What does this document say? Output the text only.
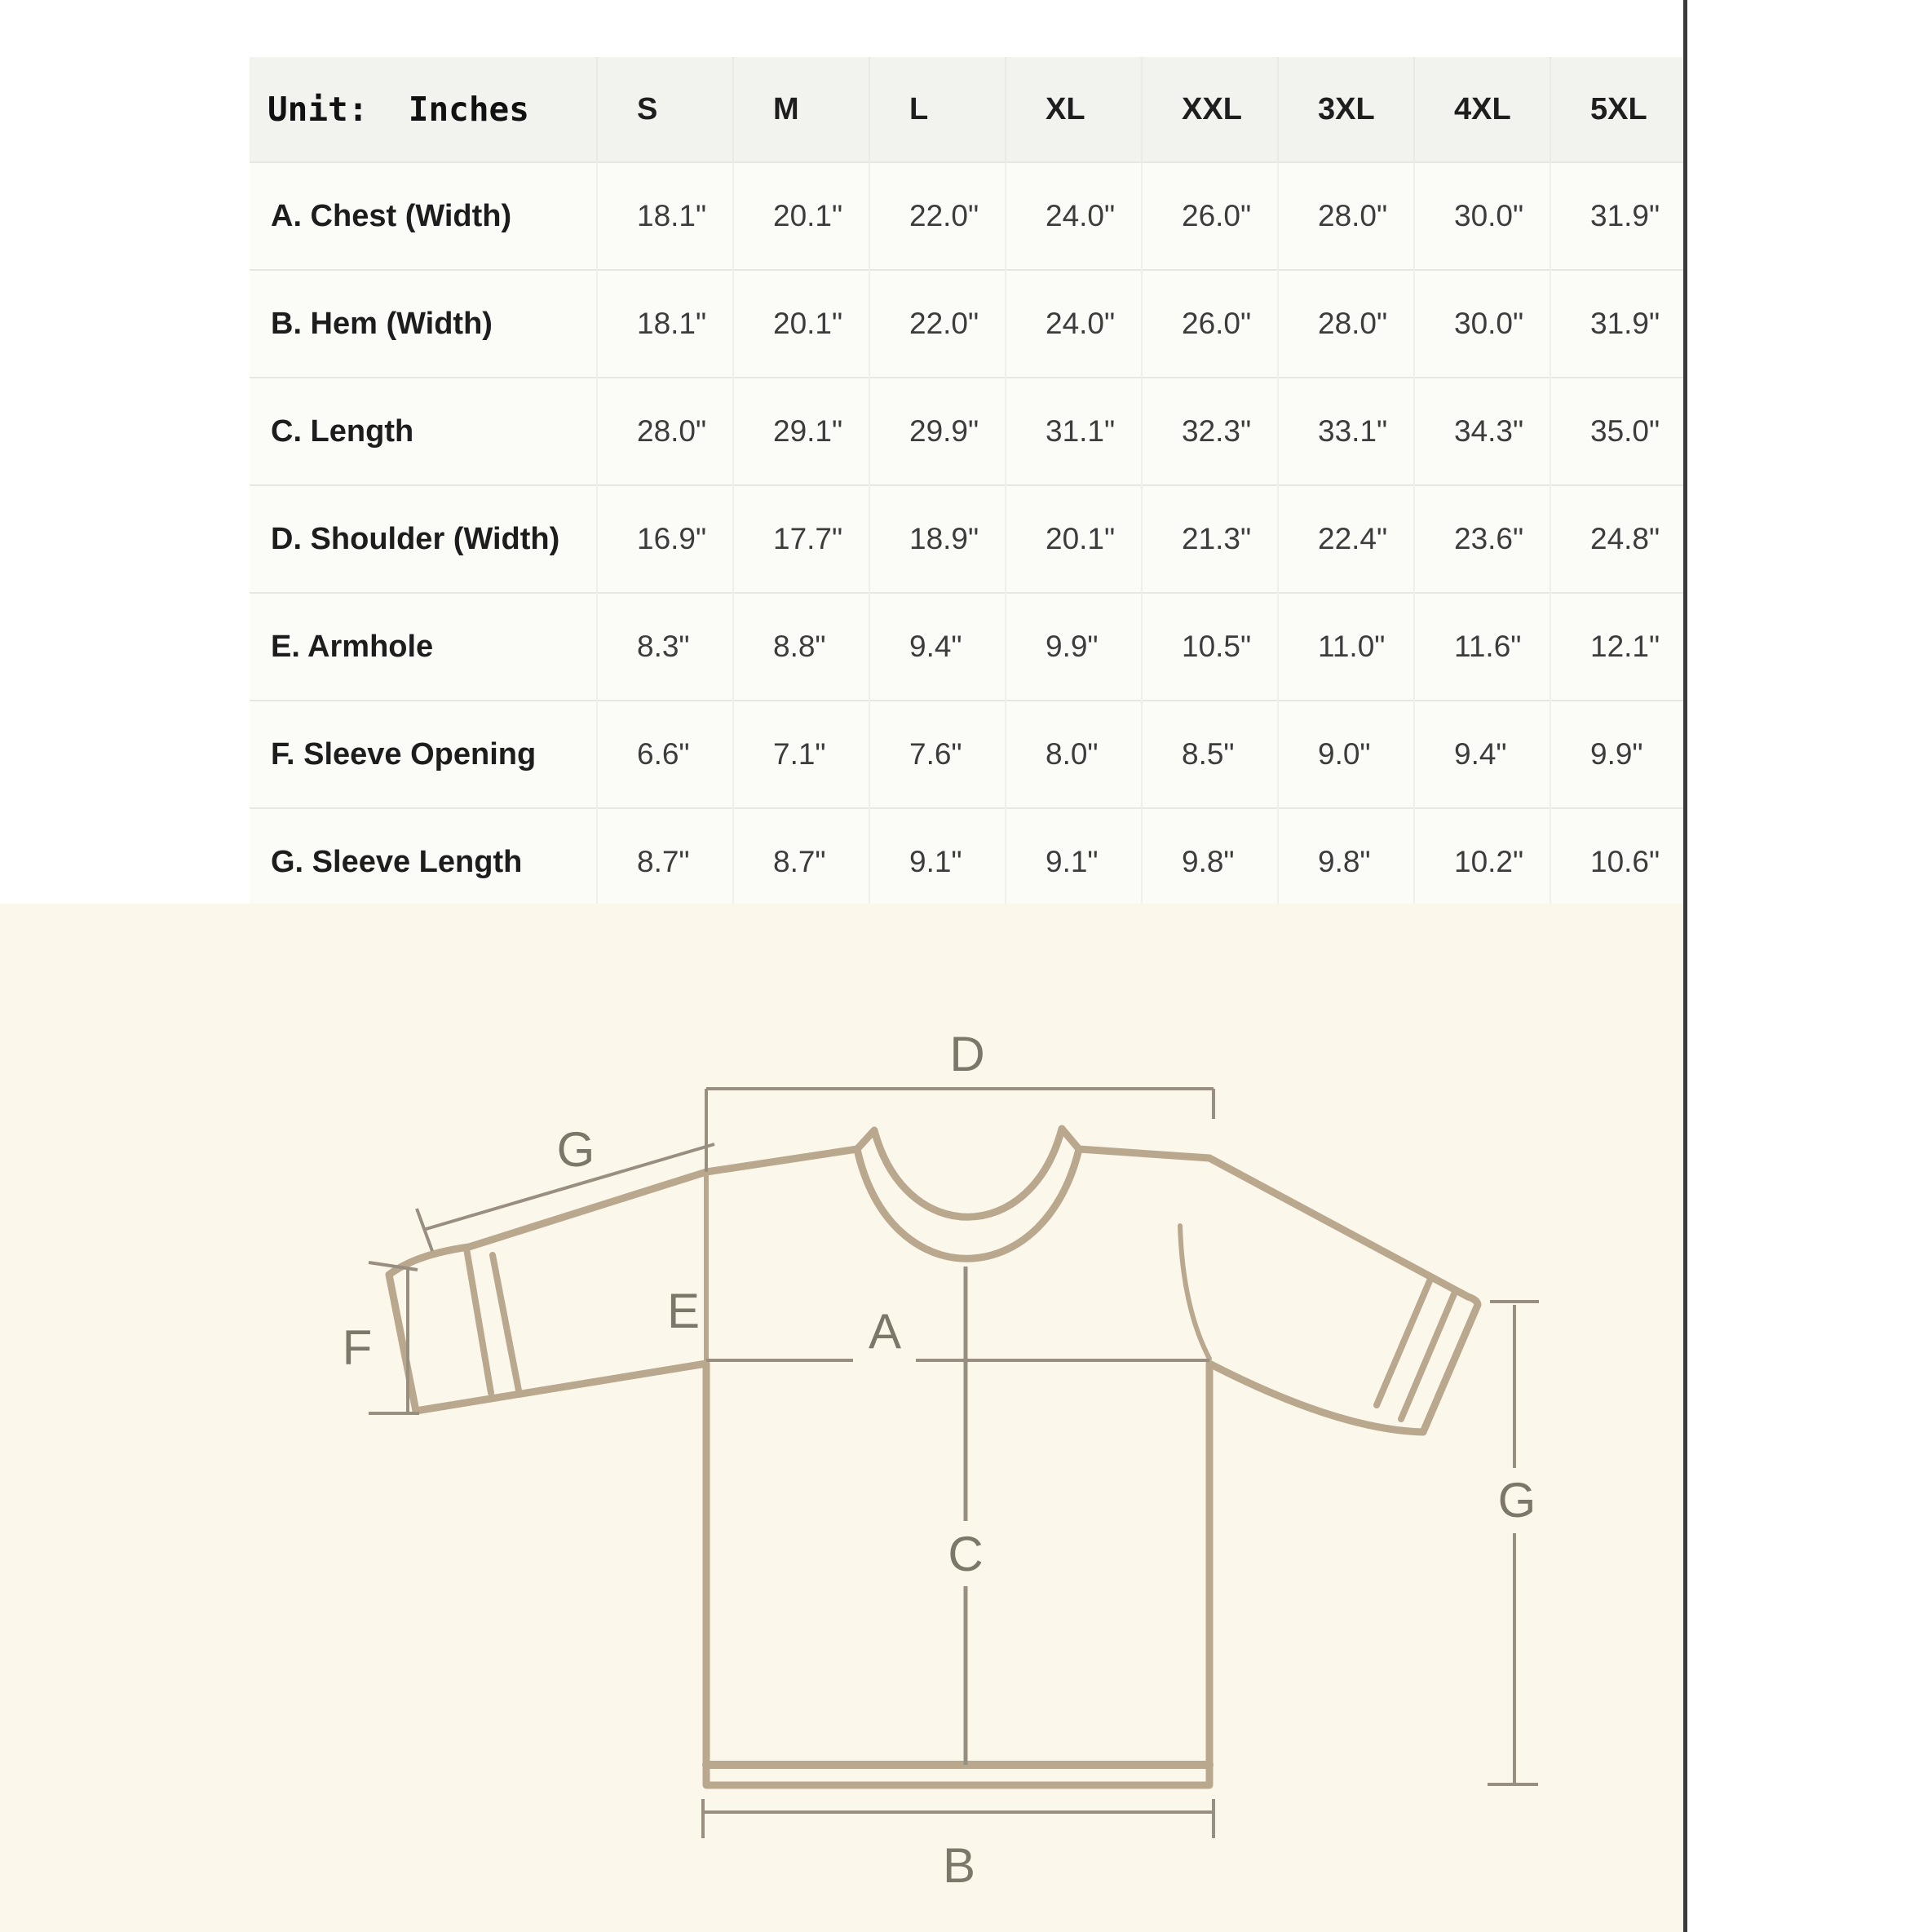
Unit:  Inches	S	M	L	XL	XXL	3XL	4XL	5XL
A. Chest (Width)	18.1"	20.1"	22.0"	24.0"	26.0"	28.0"	30.0"	31.9"
B. Hem (Width)	18.1"	20.1"	22.0"	24.0"	26.0"	28.0"	30.0"	31.9"
C. Length	28.0"	29.1"	29.9"	31.1"	32.3"	33.1"	34.3"	35.0"
D. Shoulder (Width)	16.9"	17.7"	18.9"	20.1"	21.3"	22.4"	23.6"	24.8"
E. Armhole	8.3"	8.8"	9.4"	9.9"	10.5"	11.0"	11.6"	12.1"
F. Sleeve Opening	6.6"	7.1"	7.6"	8.0"	8.5"	9.0"	9.4"	9.9"
G. Sleeve Length	8.7"	8.7"	9.1"	9.1"	9.8"	9.8"	10.2"	10.6"
D
G
E
F	A
C
B
G
